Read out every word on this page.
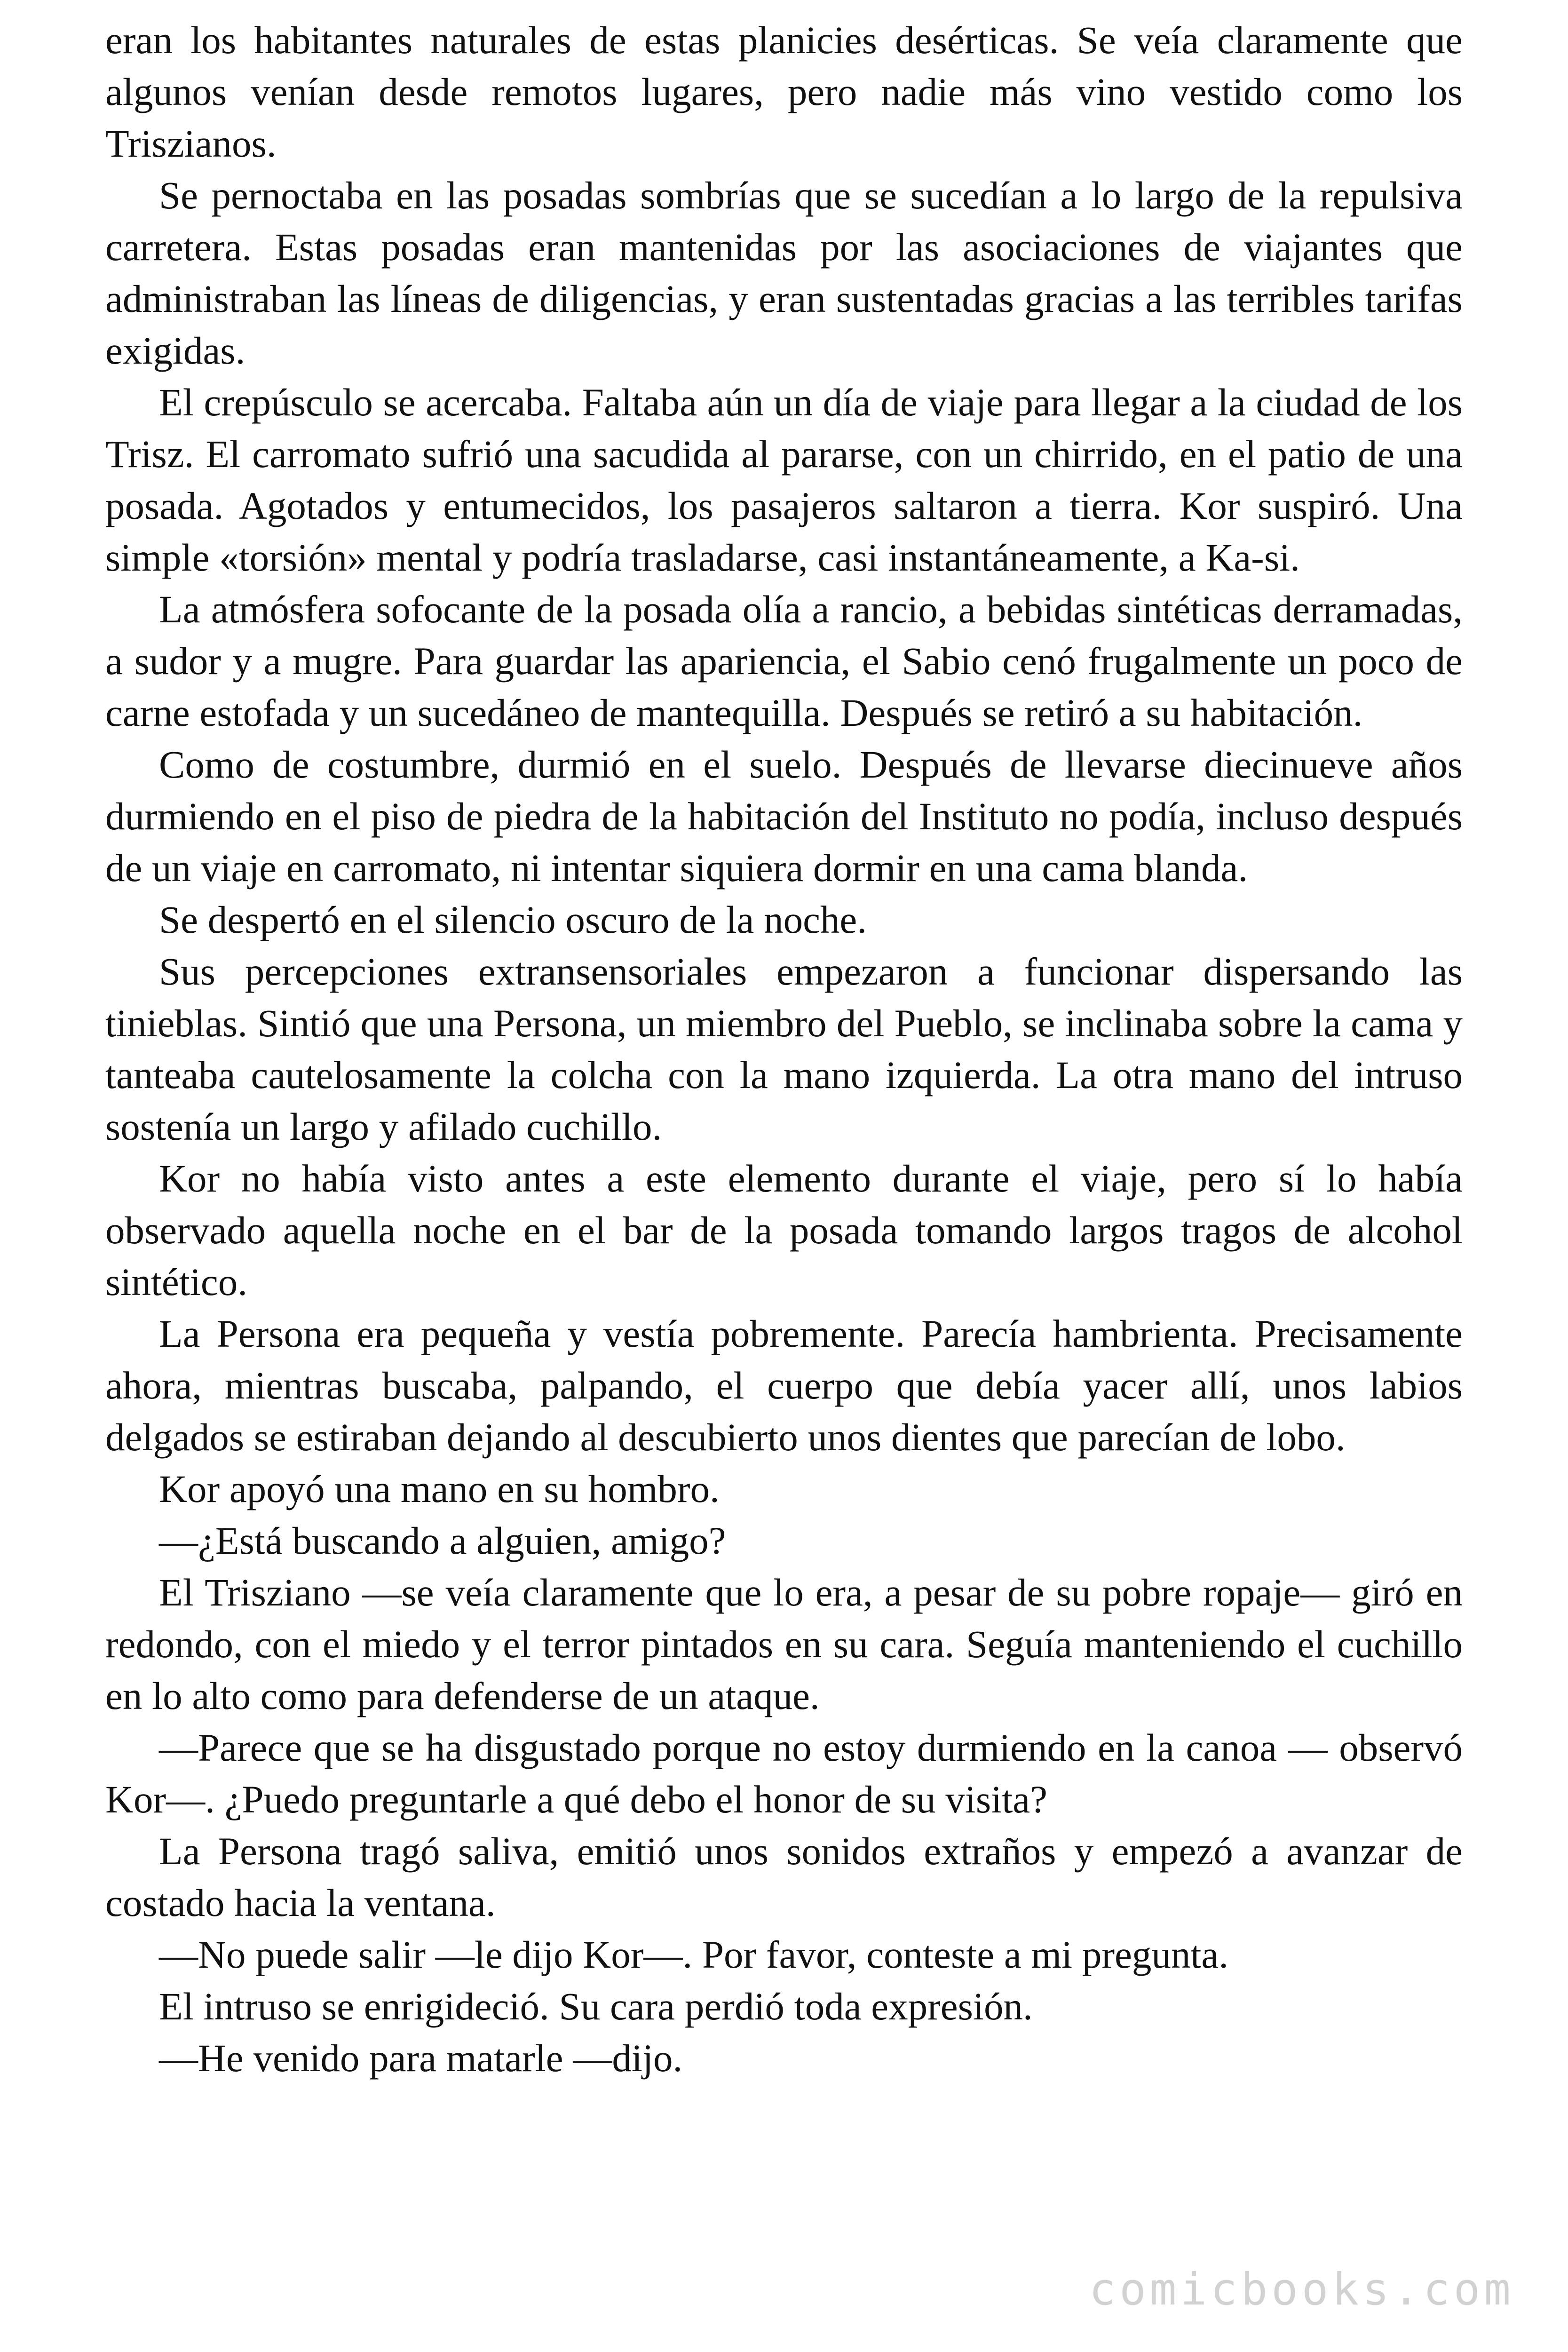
eran los habitantes naturales de estas planicies desérticas. Se veía claramente que algunos venían desde remotos lugares, pero nadie más vino vestido como los Triszianos.

Se pernoctaba en las posadas sombrías que se sucedían a lo largo de la repulsiva carretera. Estas posadas eran mantenidas por las asociaciones de viajantes que administraban las líneas de diligencias, y eran sustentadas gracias a las terribles tarifas exigidas.

El crepúsculo se acercaba. Faltaba aún un día de viaje para llegar a la ciudad de los Trisz. El carromato sufrió una sacudida al pararse, con un chirrido, en el patio de una posada. Agotados y entumecidos, los pasajeros saltaron a tierra. Kor suspiró. Una simple «torsión» mental y podría trasladarse, casi instantáneamente, a Ka-si.

La atmósfera sofocante de la posada olía a rancio, a bebidas sintéticas derramadas, a sudor y a mugre. Para guardar las apariencia, el Sabio cenó frugalmente un poco de carne estofada y un sucedáneo de mantequilla. Después se retiró a su habitación.

Como de costumbre, durmió en el suelo. Después de llevarse diecinueve años durmiendo en el piso de piedra de la habitación del Instituto no podía, incluso después de un viaje en carromato, ni intentar siquiera dormir en una cama blanda.

Se despertó en el silencio oscuro de la noche.

Sus percepciones extransensoriales empezaron a funcionar dispersando las tinieblas. Sintió que una Persona, un miembro del Pueblo, se inclinaba sobre la cama y tanteaba cautelosamente la colcha con la mano izquierda. La otra mano del intruso sostenía un largo y afilado cuchillo.

Kor no había visto antes a este elemento durante el viaje, pero sí lo había observado aquella noche en el bar de la posada tomando largos tragos de alcohol sintético.

La Persona era pequeña y vestía pobremente. Parecía hambrienta. Precisamente ahora, mientras buscaba, palpando, el cuerpo que debía yacer allí, unos labios delgados se estiraban dejando al descubierto unos dientes que parecían de lobo.

Kor apoyó una mano en su hombro.

—¿Está buscando a alguien, amigo?

El Trisziano —se veía claramente que lo era, a pesar de su pobre ropaje— giró en redondo, con el miedo y el terror pintados en su cara. Seguía manteniendo el cuchillo en lo alto como para defenderse de un ataque.

—Parece que se ha disgustado porque no estoy durmiendo en la canoa — observó Kor—. ¿Puedo preguntarle a qué debo el honor de su visita?

La Persona tragó saliva, emitió unos sonidos extraños y empezó a avanzar de costado hacia la ventana.

—No puede salir —le dijo Kor—. Por favor, conteste a mi pregunta.

El intruso se enrigideció. Su cara perdió toda expresión.

—He venido para matarle —dijo.

comicbooks.com
